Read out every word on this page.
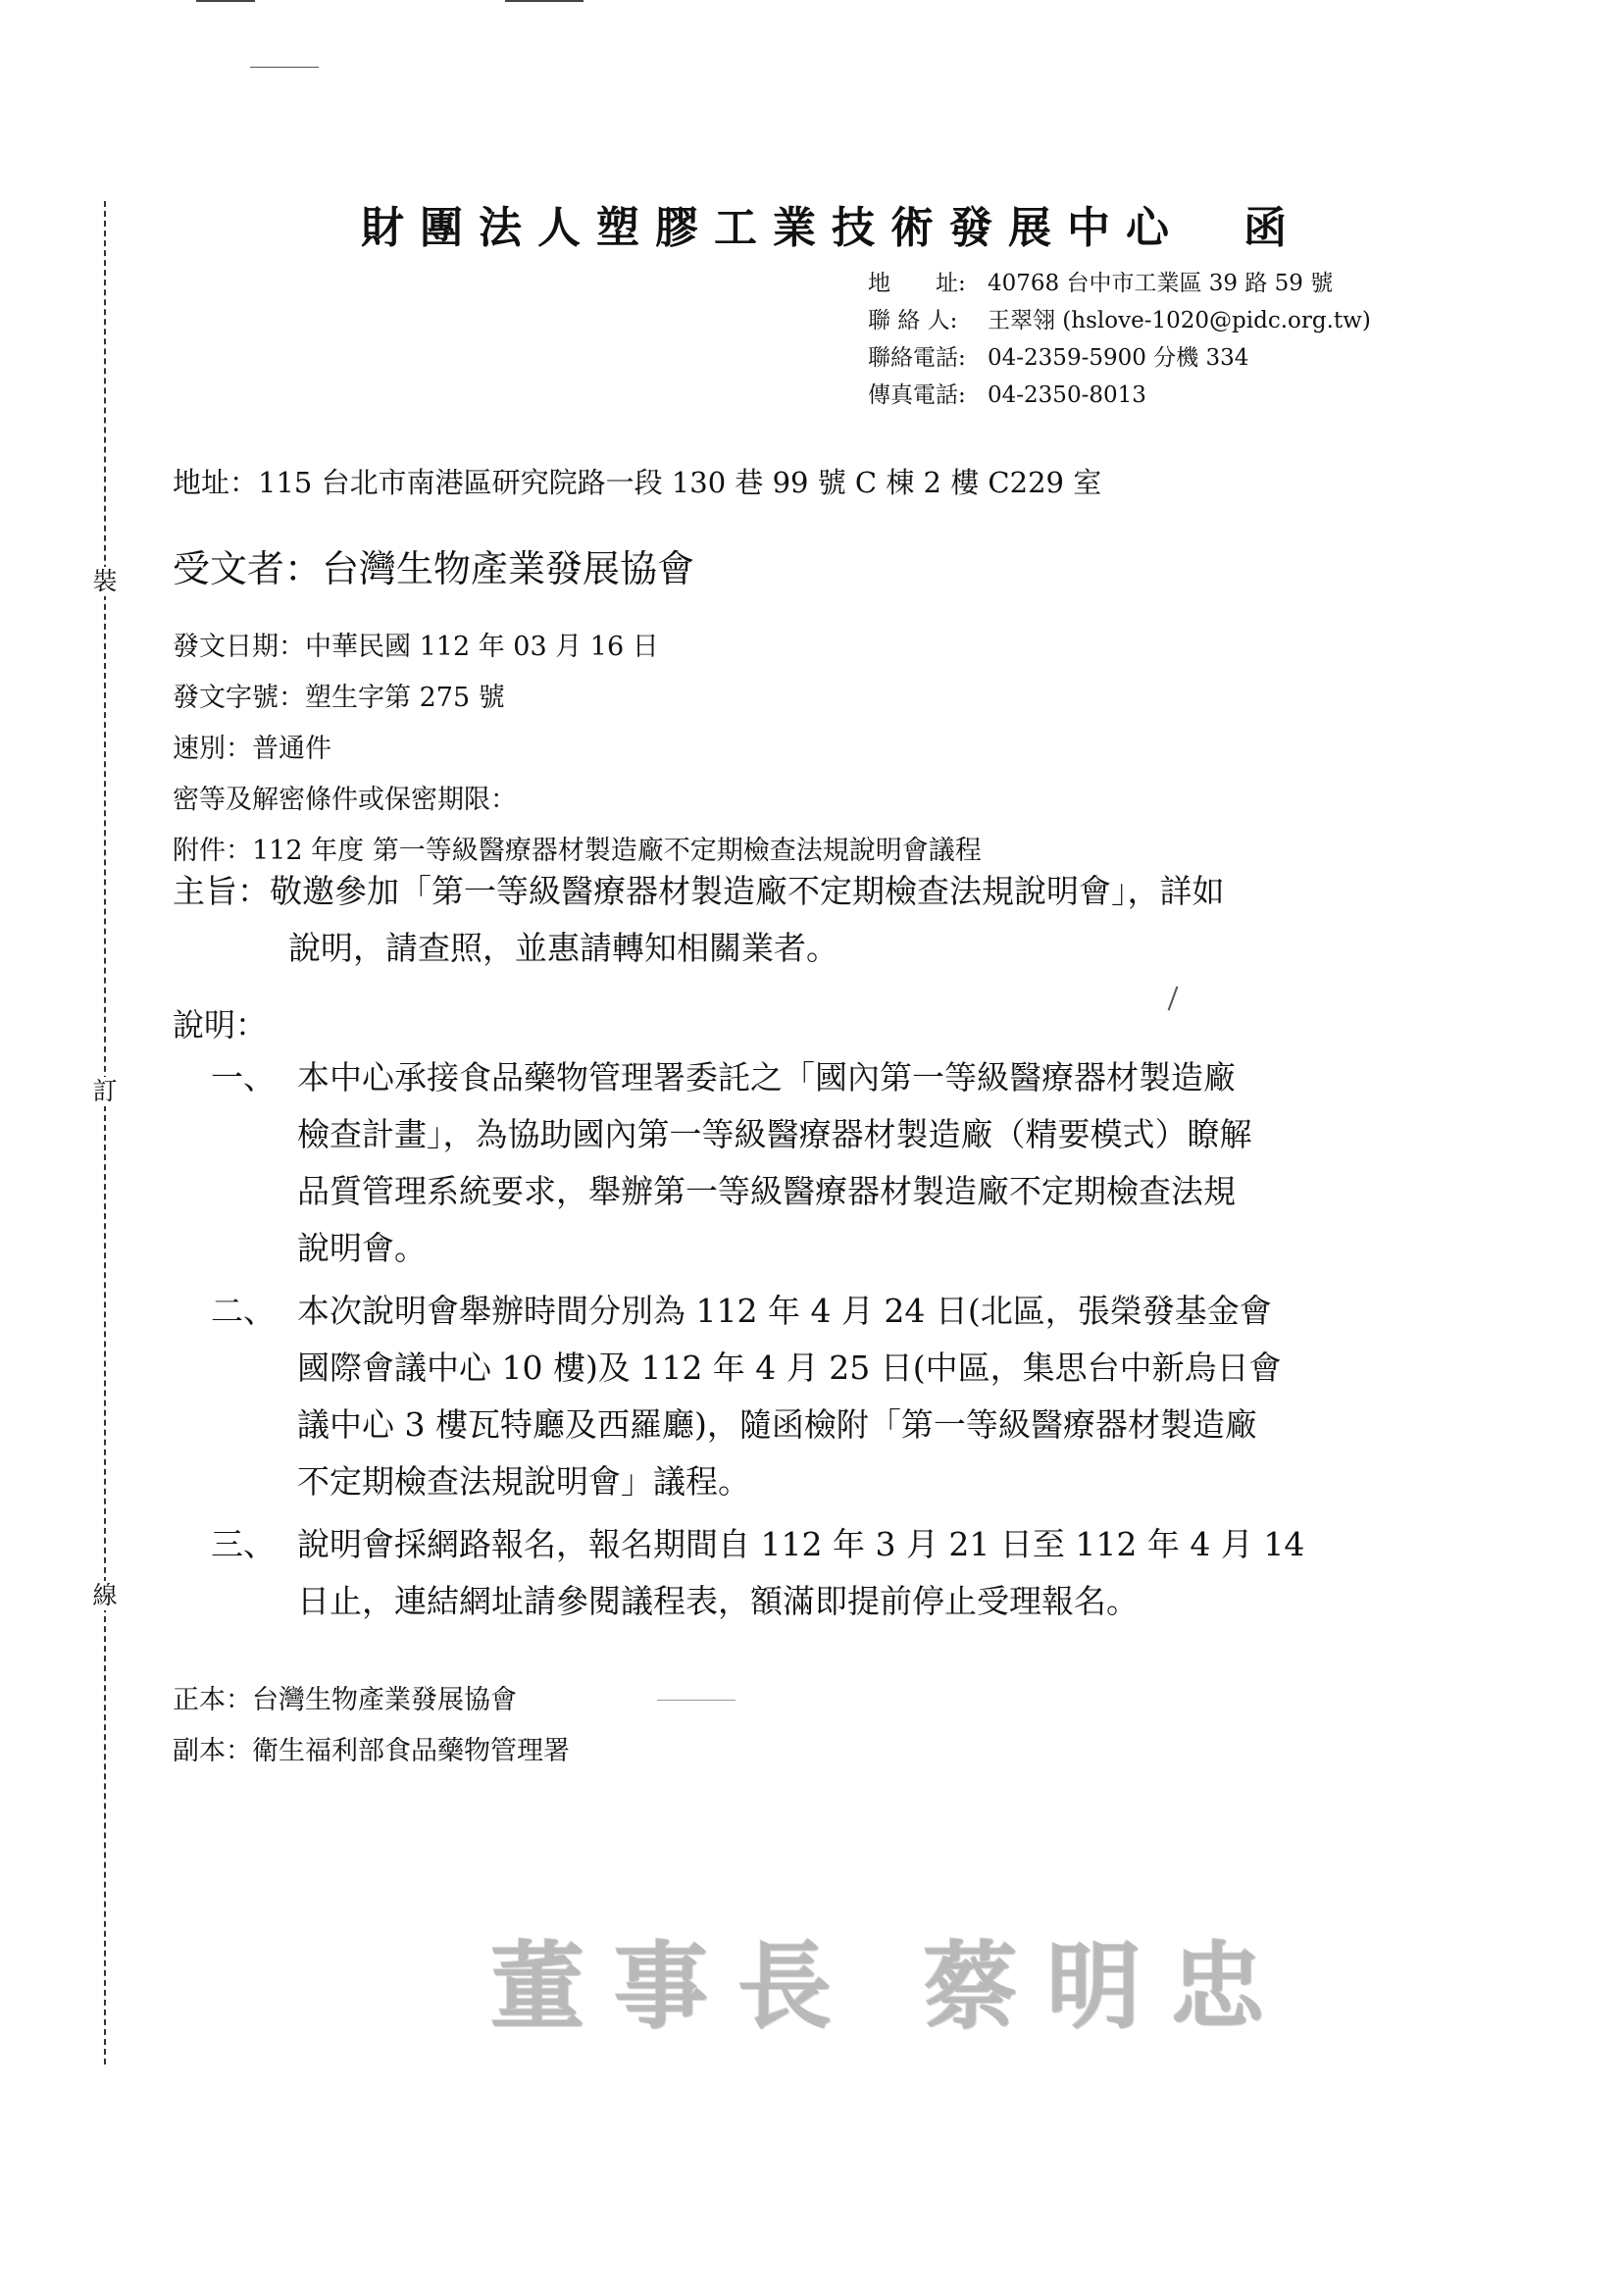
裝
訂
線
財團法人塑膠工業技術發展中心　函
地　　址: 40768 台中市工業區 39 路 59 號
聯 絡 人: 王翠翎 (hslove-1020@pidc.org.tw)
聯絡電話: 04-2359-5900 分機 334
傳真電話: 04-2350-8013
地址：115 台北市南港區研究院路一段 130 巷 99 號 C 棟 2 樓 C229 室
受文者：台灣生物產業發展協會
發文日期：中華民國 112 年 03 月 16 日
發文字號：塑生字第 275 號
速別：普通件
密等及解密條件或保密期限：
附件：112 年度 第一等級醫療器材製造廠不定期檢查法規說明會議程
主旨：敬邀參加「第一等級醫療器材製造廠不定期檢查法規說明會」，詳如
說明，請查照，並惠請轉知相關業者。
說明：
一、 本中心承接食品藥物管理署委託之「國內第一等級醫療器材製造廠
檢查計畫」，為協助國內第一等級醫療器材製造廠（精要模式）瞭解
品質管理系統要求，舉辦第一等級醫療器材製造廠不定期檢查法規
說明會。
二、 本次說明會舉辦時間分別為 112 年 4 月 24 日(北區，張榮發基金會
國際會議中心 10 樓)及 112 年 4 月 25 日(中區，集思台中新烏日會
議中心 3 樓瓦特廳及西羅廳)，隨函檢附「第一等級醫療器材製造廠
不定期檢查法規說明會」議程。
三、 說明會採網路報名，報名期間自 112 年 3 月 21 日至 112 年 4 月 14
日止，連結網址請參閱議程表，額滿即提前停止受理報名。
正本：台灣生物產業發展協會
副本：衛生福利部食品藥物管理署
董事長 蔡明忠
